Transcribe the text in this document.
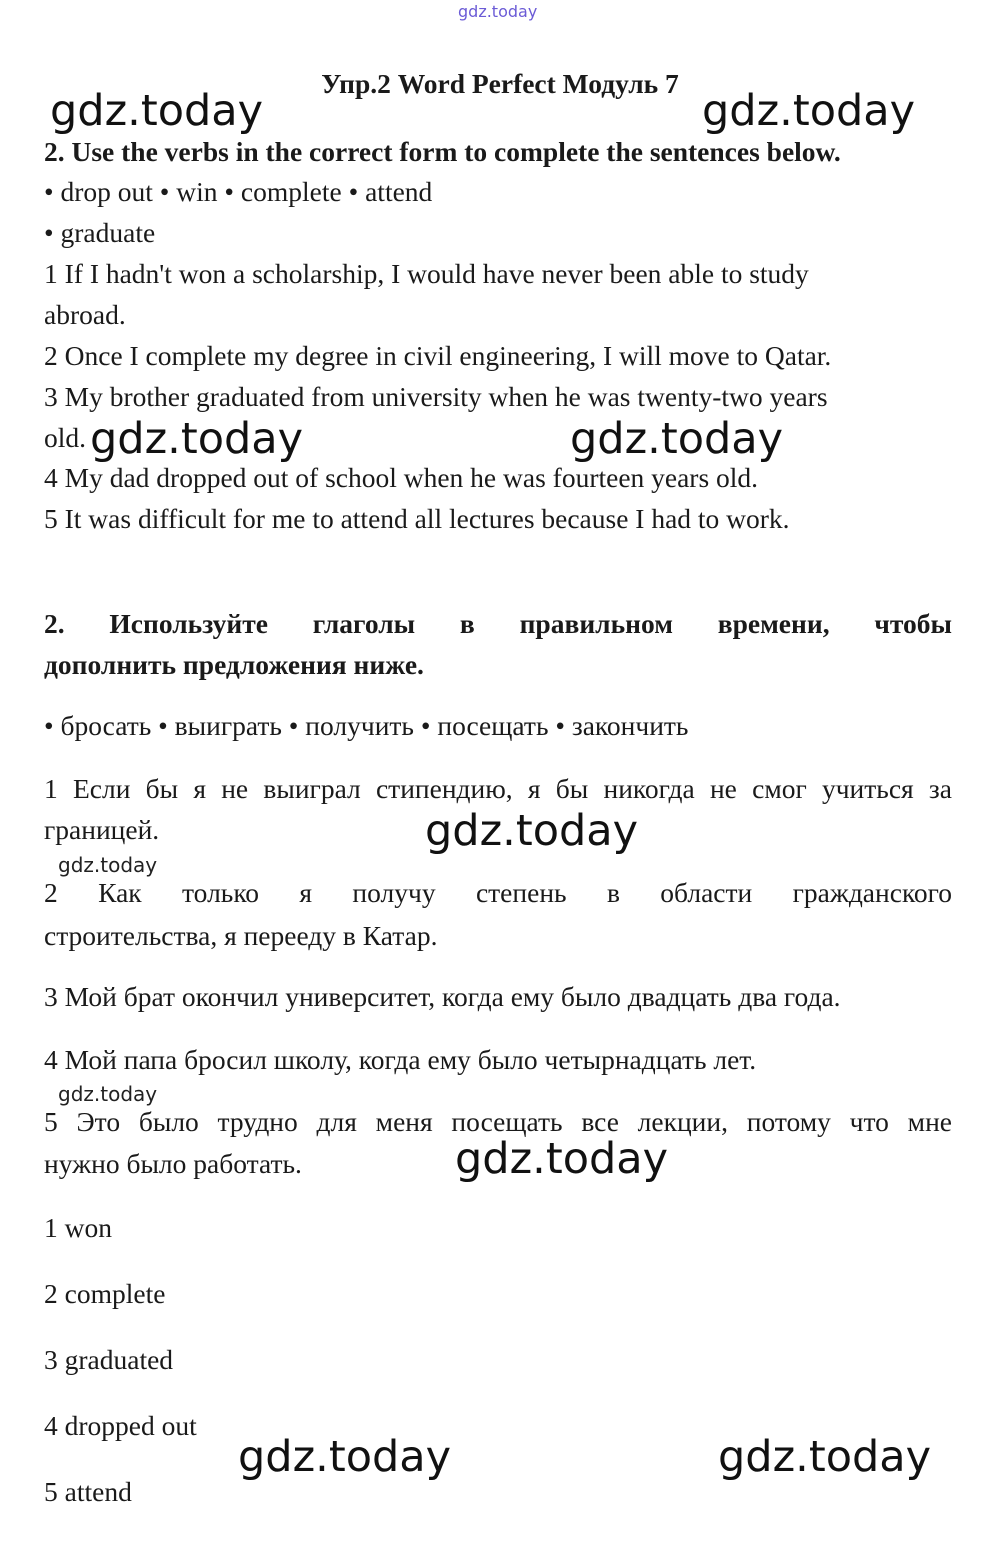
gdz.today
Упр.2 Word Perfect Модуль 7
2. Use the verbs in the correct form to complete the sentences below.
• drop out • win • complete • attend
• graduate
1 If I hadn't won a scholarship, I would have never been able to study
abroad.
2 Once I complete my degree in civil engineering, I will move to Qatar.
3 My brother graduated from university when he was twenty-two years
old.
4 My dad dropped out of school when he was fourteen years old.
5 It was difficult for me to attend all lectures because I had to work.
2. Используйте глаголы в правильном времени, чтобы
дополнить предложения ниже.
• бросать • выиграть • получить • посещать • закончить
1 Если бы я не выиграл стипендию, я бы никогда не смог учиться за
границей.
2 Как только я получу степень в области гражданского
строительства, я перееду в Катар.
3 Мой брат окончил университет, когда ему было двадцать два года.
4 Мой папа бросил школу, когда ему было четырнадцать лет.
5 Это было трудно для меня посещать все лекции, потому что мне
нужно было работать.
1 won
2 complete
3 graduated
4 dropped out
5 attend
gdz.today	gdz.today
gdz.today	gdz.today
gdz.today
gdz.today
gdz.today
gdz.today
gdz.today	gdz.today
